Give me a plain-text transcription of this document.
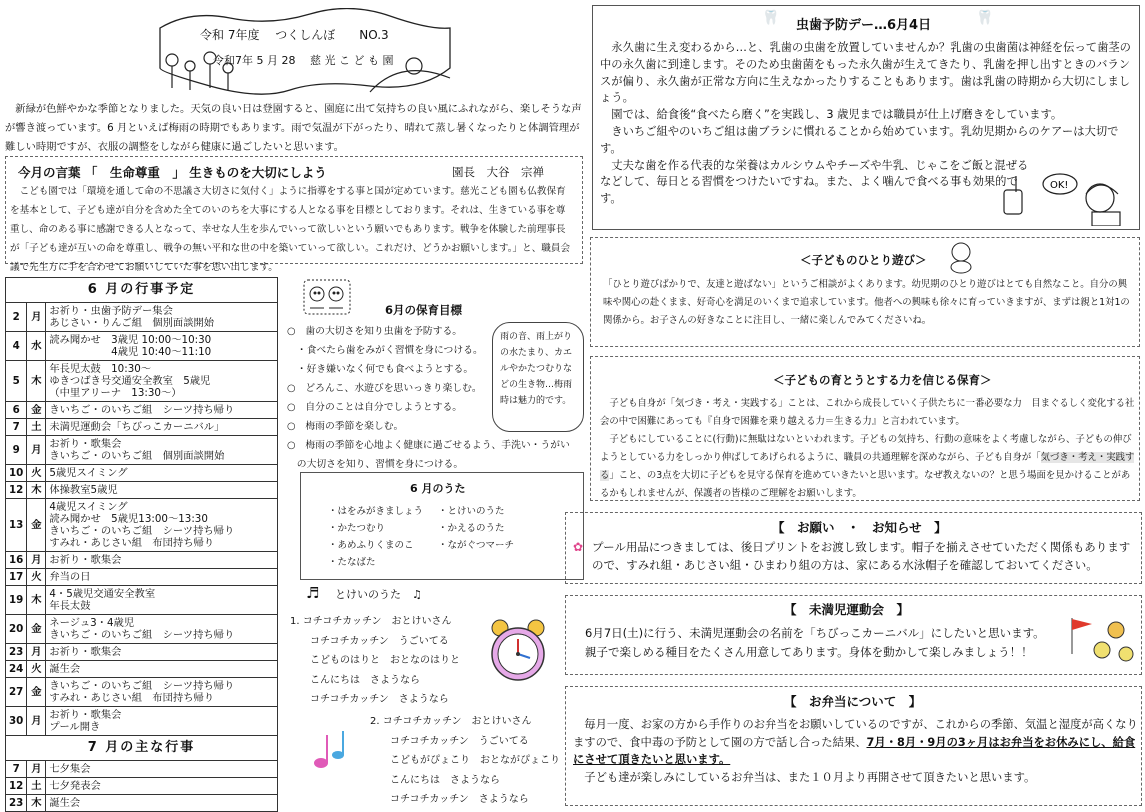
令和 7年度　 つくしんぼ　　NO.3
令和7年 5 月 28　 慈 光 こ ど も 園

　新緑が色鮮やかな季節となりました。天気の良い日は登園すると、園庭に出て気持ちの良い風にふれながら、楽しそうな声が響き渡っています。6 月といえば梅雨の時期でもあります。雨で気温が下がったり、晴れて蒸し暑くなったりと体調管理が難しい時期ですが、衣服の調整をしながら健康に過ごしたいと思います。

今月の言葉 「　生命尊重　」 生きものを大切にしよう	園長　大谷　宗禅

　こども園では「環境を通して命の不思議さ大切さに気付く」ように指導をする事と国が定めています。慈光こども園も仏教保育を基本として、子ども達が自分を含めた全てのいのちを大事にする人となる事を目標としております。それは、生きている事を尊重し、命のある事に感謝できる人となって、幸せな人生を歩んでいって欲しいという願いでもあります。戦争を体験した前理事長が「子ども達が互いの命を尊重し、戦争の無い平和な世の中を築いていって欲しい。これだけ、どうかお願いします。」と、職員会議で先生方に手を合わせてお願いしていた事を思い出します。

6 月の行事予定		
2	月	お祈り・虫歯予防デー集会
あじさい・りんご組　個別面談開始

4	水	読み聞かせ　3歳児 10:00～10:30
　　　　　　4歳児 10:40～11:10

5	木	年長児太鼓　10:30～
ゆきつばき号交通安全教室　5歳児
（中里アリーナ　13:30～）

6	金	きいちご・のいちご組　シーツ持ち帰り

7	土	未満児運動会「ちびっこカーニバル」

9	月	お祈り・歌集会
きいちご・のいちご組　個別面談開始

10	火	5歳児スイミング

12	木	体操教室5歳児

13	金	4歳児スイミング
読み聞かせ　5歳児13:00～13:30
きいちご・のいちご組　シーツ持ち帰り
すみれ・あじさい組　布団持ち帰り

16	月	お祈り・歌集会

17	火	弁当の日

19	木	4・5歳児交通安全教室
年長太鼓

20	金	ネージュ3・4歳児
きいちご・のいちご組　シーツ持ち帰り

23	月	お祈り・歌集会

24	火	誕生会

27	金	きいちご・のいちご組　シーツ持ち帰り
すみれ・あじさい組　布団持ち帰り

30	月	お祈り・歌集会
プール開き

7 月の主な行事		
7	月	七夕集会

12	土	七夕発表会

23	木	誕生会
6月の保育目標
○　歯の大切さを知り虫歯を予防する。
　・食べたら歯をみがく習慣を身につける。
　・好き嫌いなく何でも食べようとする。
○　どろんこ、水遊びを思いっきり楽しむ。
○　自分のことは自分でしようとする。
○　梅雨の季節を楽しむ。
○　梅雨の季節を心地よく健康に過ごせるよう、手洗い・うがい
　の大切さを知り、習慣を身につける。
雨の音、雨上がりの水たまり、カエルやかたつむりなどの生き物…梅雨時は魅力的です。
6 月のうた
・はをみがきましょう
・かたつむり
・あめふりくまのこ
・たなばた
・とけいのうた
・かえるのうた
・ながぐつマーチ
♬ とけいのうた　♫
1. コチコチカッチン　おとけいさん
　　コチコチカッチン　うごいてる
　　こどものはりと　おとなのはりと
　　こんにちは　さようなら
　　コチコチカッチン　さようなら
2. コチコチカッチン　おとけいさん
　　コチコチカッチン　うごいてる
　　こどもがぴょこり　おとながぴょこり
　　こんにちは　さようなら
　　コチコチカッチン　さようなら
🦷	🦷
虫歯予防デー…6月4日

　永久歯に生え変わるから…と、乳歯の虫歯を放置していませんか？乳歯の虫歯菌は神経を伝って歯茎の中の永久歯に到達します。そのため虫歯菌をもった永久歯が生えてきたり、乳歯を押し出すときのバランスが偏り、永久歯が正常な方向に生えなかったりすることもあります。歯は乳歯の時期から大切にしましょう。

　園では、給食後“食べたら磨く”を実践し、3 歳児までは職員が仕上げ磨きをしています。

　きいちご組やのいちご組は歯ブラシに慣れることから始めています。乳幼児期からのケアーは大切です。

　丈夫な歯を作る代表的な栄養はカルシウムやチーズや牛乳、じゃこをご飯と混ぜるなどして、毎日とる習慣をつけたいですね。また、よく噛んで食べる事も効果的です。

OK!
＜子どものひとり遊び＞

「ひとり遊びばかりで、友達と遊ばない」というご相談がよくあります。幼児期のひとり遊びはとても自然なこと。自分の興味や関心の赴くまま、好奇心を満足のいくまで追求しています。他者への興味も徐々に育っていきますが、まずは親と1対1の関係から。お子さんの好きなことに注目し、一緒に楽しんでみてくださいね。

＜子どもの育とうとする力を信じる保育＞

　子ども自身が「気づき・考え・実践する」ことは、これから成長していく子供たちに一番必要な力　目まぐるしく変化する社会の中で困難にあっても『自身で困難を乗り越える力＝生きる力』と言われています。

　子どもにしていることに(行動)に無駄はないといわれます。子どもの気持ち、行動の意味をよく考慮しながら、子どもの伸びようとしている力をしっかり伸ばしてあげられるように、職員の共通理解を深めながら、子ども自身が「気づき・考え・実践する」こと、の3点を大切に子どもを見守る保育を進めていきたいと思います。なぜ教えないの？と思う場面を見かけることがあるかもしれませんが、保護者の皆様のご理解をお願いします。

【　お願い　・　お知らせ　】
✿ プール用品につきましては、後日プリントをお渡し致します。帽子を揃えさせていただく関係もありますので、すみれ組・あじさい組・ひまわり組の方は、家にある水泳帽子を確認しておいてください。

【　未満児運動会　】

6月7日(土)に行う、未満児運動会の名前を「ちびっこカーニバル」にしたいと思います。

親子で楽しめる種目をたくさん用意してあります。身体を動かして楽しみましょう！！

【　お弁当について　】

　毎月一度、お家の方から手作りのお弁当をお願いしているのですが、これからの季節、気温と湿度が高くなりますので、食中毒の予防として園の方で話し合った結果、7月・8月・9月の3ヶ月はお弁当をお休みにし、給食にさせて頂きたいと思います。

　子ども達が楽しみにしているお弁当は、また１０月より再開させて頂きたいと思います。
